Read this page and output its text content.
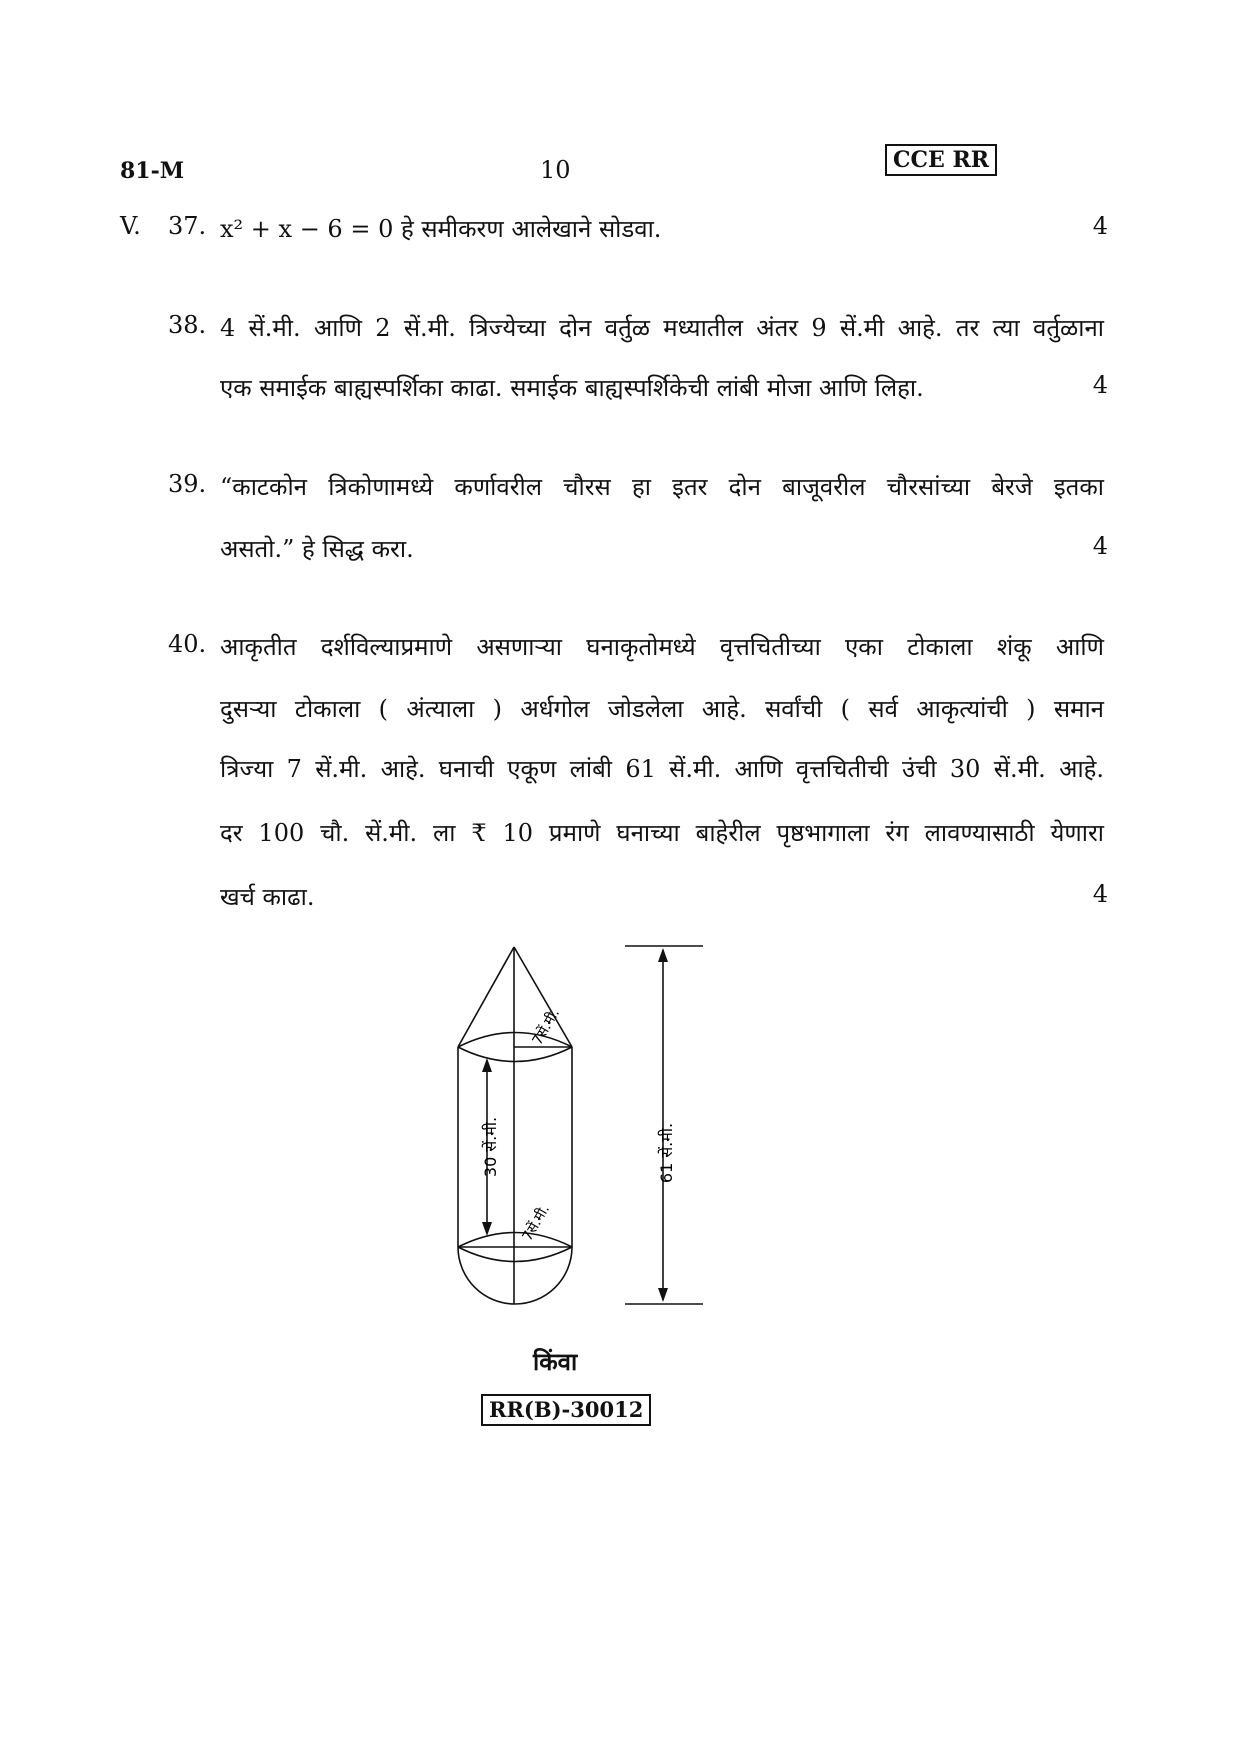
81-M	10	CCE RR
V. 37. x² + x − 6 = 0 हे समीकरण आलेखाने सोडवा.	4
38. 4 सें.मी. आणि 2 सें.मी. त्रिज्येच्या दोन वर्तुळ मध्यातील अंतर 9 सें.मी आहे. तर त्या वर्तुळाना
एक समाईक बाह्यस्पर्शिका काढा. समाईक बाह्यस्पर्शिकेची लांबी मोजा आणि लिहा.	4
39. “काटकोन त्रिकोणामध्ये कर्णावरील चौरस हा इतर दोन बाजूवरील चौरसांच्या बेरजे इतका
असतो.” हे सिद्ध करा.	4
40. आकृतीत दर्शविल्याप्रमाणे असणाऱ्या घनाकृतोमध्ये वृत्तचितीच्या एका टोकाला शंकू आणि
दुसऱ्या टोकाला ( अंत्याला ) अर्धगोल जोडलेला आहे. सर्वांची ( सर्व आकृत्यांची ) समान
त्रिज्या 7 सें.मी. आहे. घनाची एकूण लांबी 61 सें.मी. आणि वृत्तचितीची उंची 30 सें.मी. आहे.
दर 100 चौ. सें.मी. ला ₹ 10 प्रमाणे घनाच्या बाहेरील पृष्ठभागाला रंग लावण्यासाठी येणारा
खर्च काढा.	4
7सें.मी.
7सें.मी.
30 सें.मी.	61 सें.मी.
किंवा
RR(B)-30012
